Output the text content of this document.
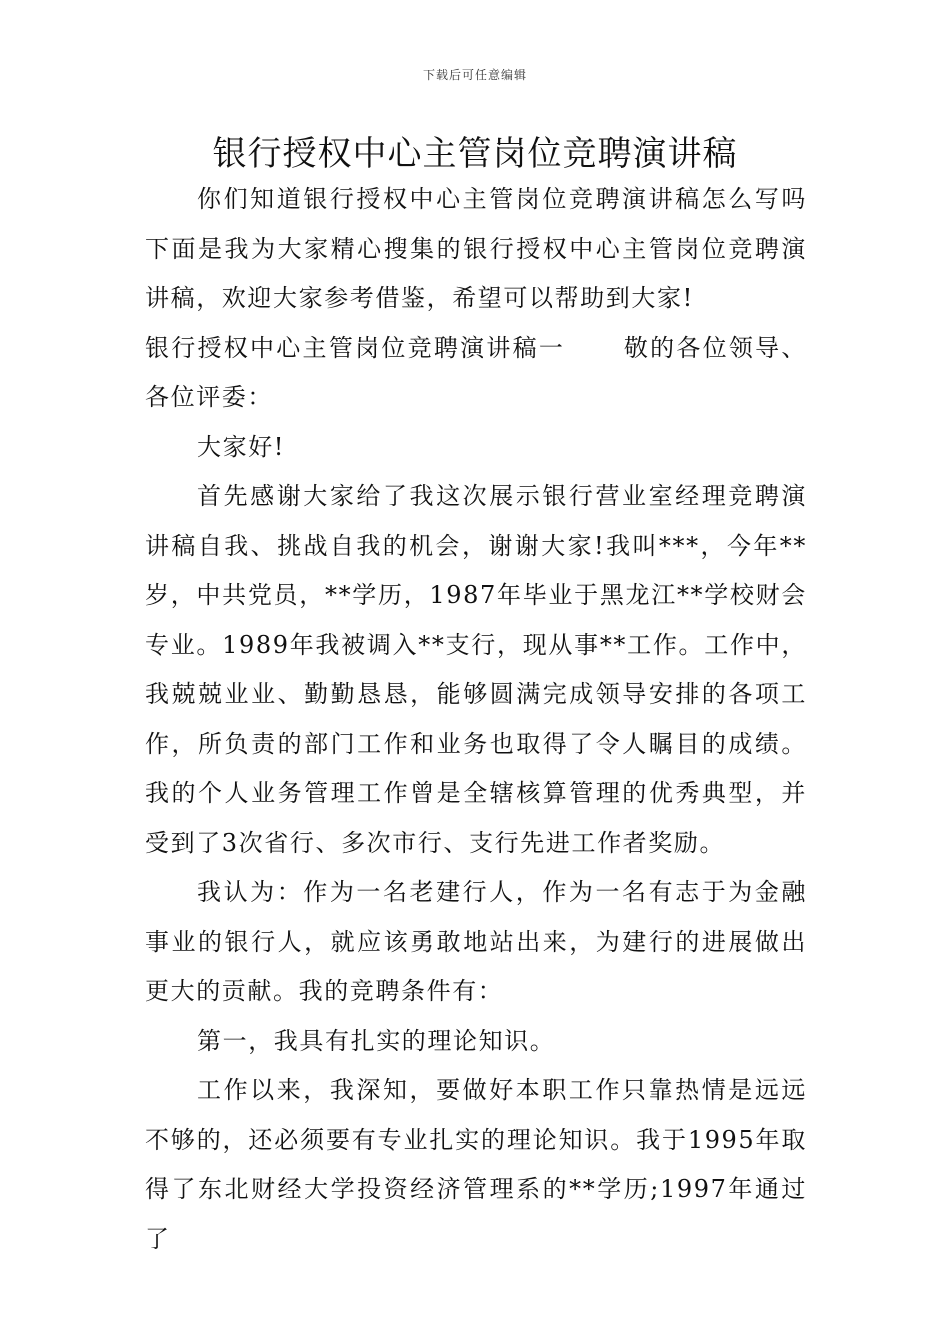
下载后可任意编辑
银行授权中心主管岗位竞聘演讲稿

你们知道银行授权中心主管岗位竞聘演讲稿怎么写吗下面是我为大家精心搜集的银行授权中心主管岗位竞聘演讲稿，欢迎大家参考借鉴，希望可以帮助到大家!

银行授权中心主管岗位竞聘演讲稿一 敬的各位领导、各位评委：

大家好!

首先感谢大家给了我这次展示银行营业室经理竞聘演讲稿自我、挑战自我的机会，谢谢大家!我叫***，今年**岁，中共党员，**学历，1987年毕业于黑龙江**学校财会专业。1989年我被调入**支行，现从事**工作。工作中，我兢兢业业、勤勤恳恳，能够圆满完成领导安排的各项工作，所负责的部门工作和业务也取得了令人瞩目的成绩。我的个人业务管理工作曾是全辖核算管理的优秀典型，并受到了3次省行、多次市行、支行先进工作者奖励。

我认为：作为一名老建行人，作为一名有志于为金融事业的银行人，就应该勇敢地站出来，为建行的进展做出更大的贡献。我的竞聘条件有：

第一，我具有扎实的理论知识。

工作以来，我深知，要做好本职工作只靠热情是远远不够的，还必须要有专业扎实的理论知识。我于1995年取得了东北财经大学投资经济管理系的**学历;1997年通过了
